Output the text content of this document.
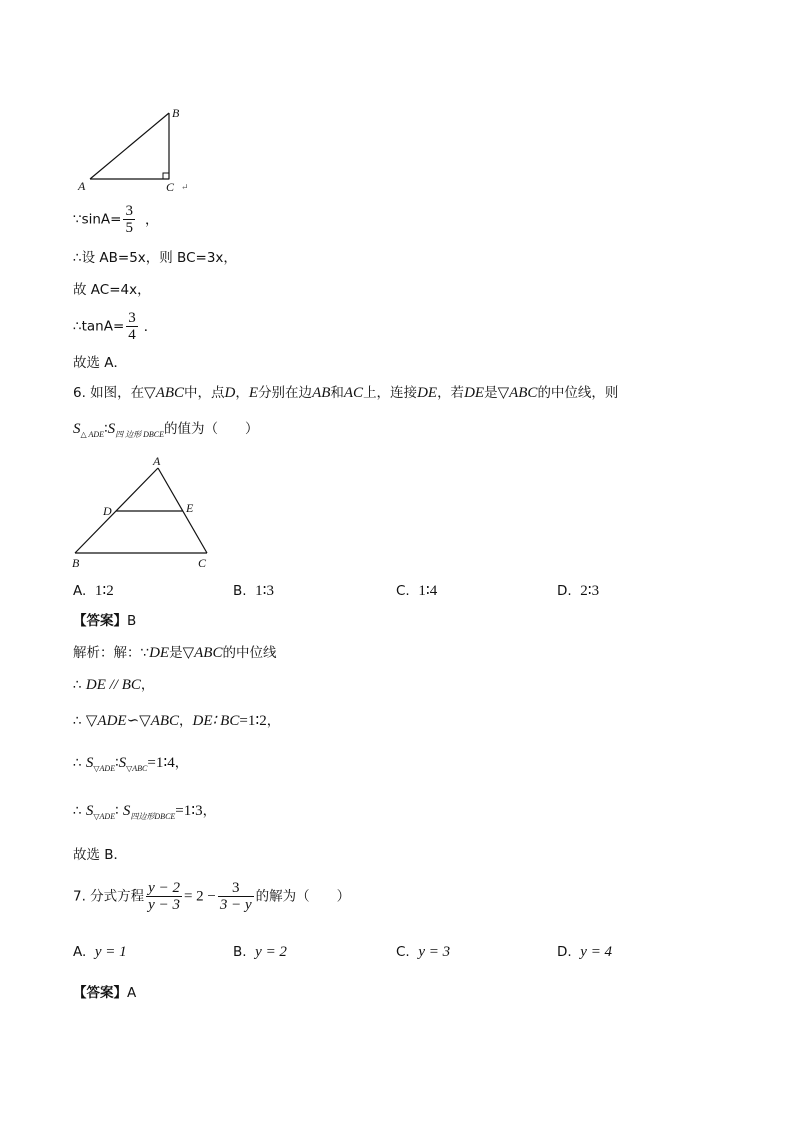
A
B
C ↵
∵sinA= $\frac{3}{5}$ ，
∴设 AB=5x，则 BC=3x，
故 AC=4x，
∴tanA= $\frac{3}{4}$ ．
故选 A．
6. 如图，在▽ABC中，点D，E分别在边AB和AC上，连接DE，若DE是▽ABC的中位线，则
$S_{\triangle ADE}∶S_{四 边形 DBCE}$的值为（　　）
A
D	E
B	C
A. 1∶2	B. 1∶3	C. 1∶4	D. 2∶3
【答案】B
解析：解：∵DE是▽ABC的中位线
∴ DE // BC，
∴ ▽ADE∽▽ABC，DE∶ BC=1∶2，
∴ $S_{▽ADE}∶S_{▽ABC}=1∶4$，
∴ $S_{▽ADE}∶$ $S_{四边形DBCE}=1∶3$，
故选 B．
7. 分式方程 $\frac{y - 2}{y - 3} = 2 - \frac{3}{3 - y}$ 的解为（　　）
A. y = 1	B. y = 2	C. y = 3	D. y = 4
【答案】A
